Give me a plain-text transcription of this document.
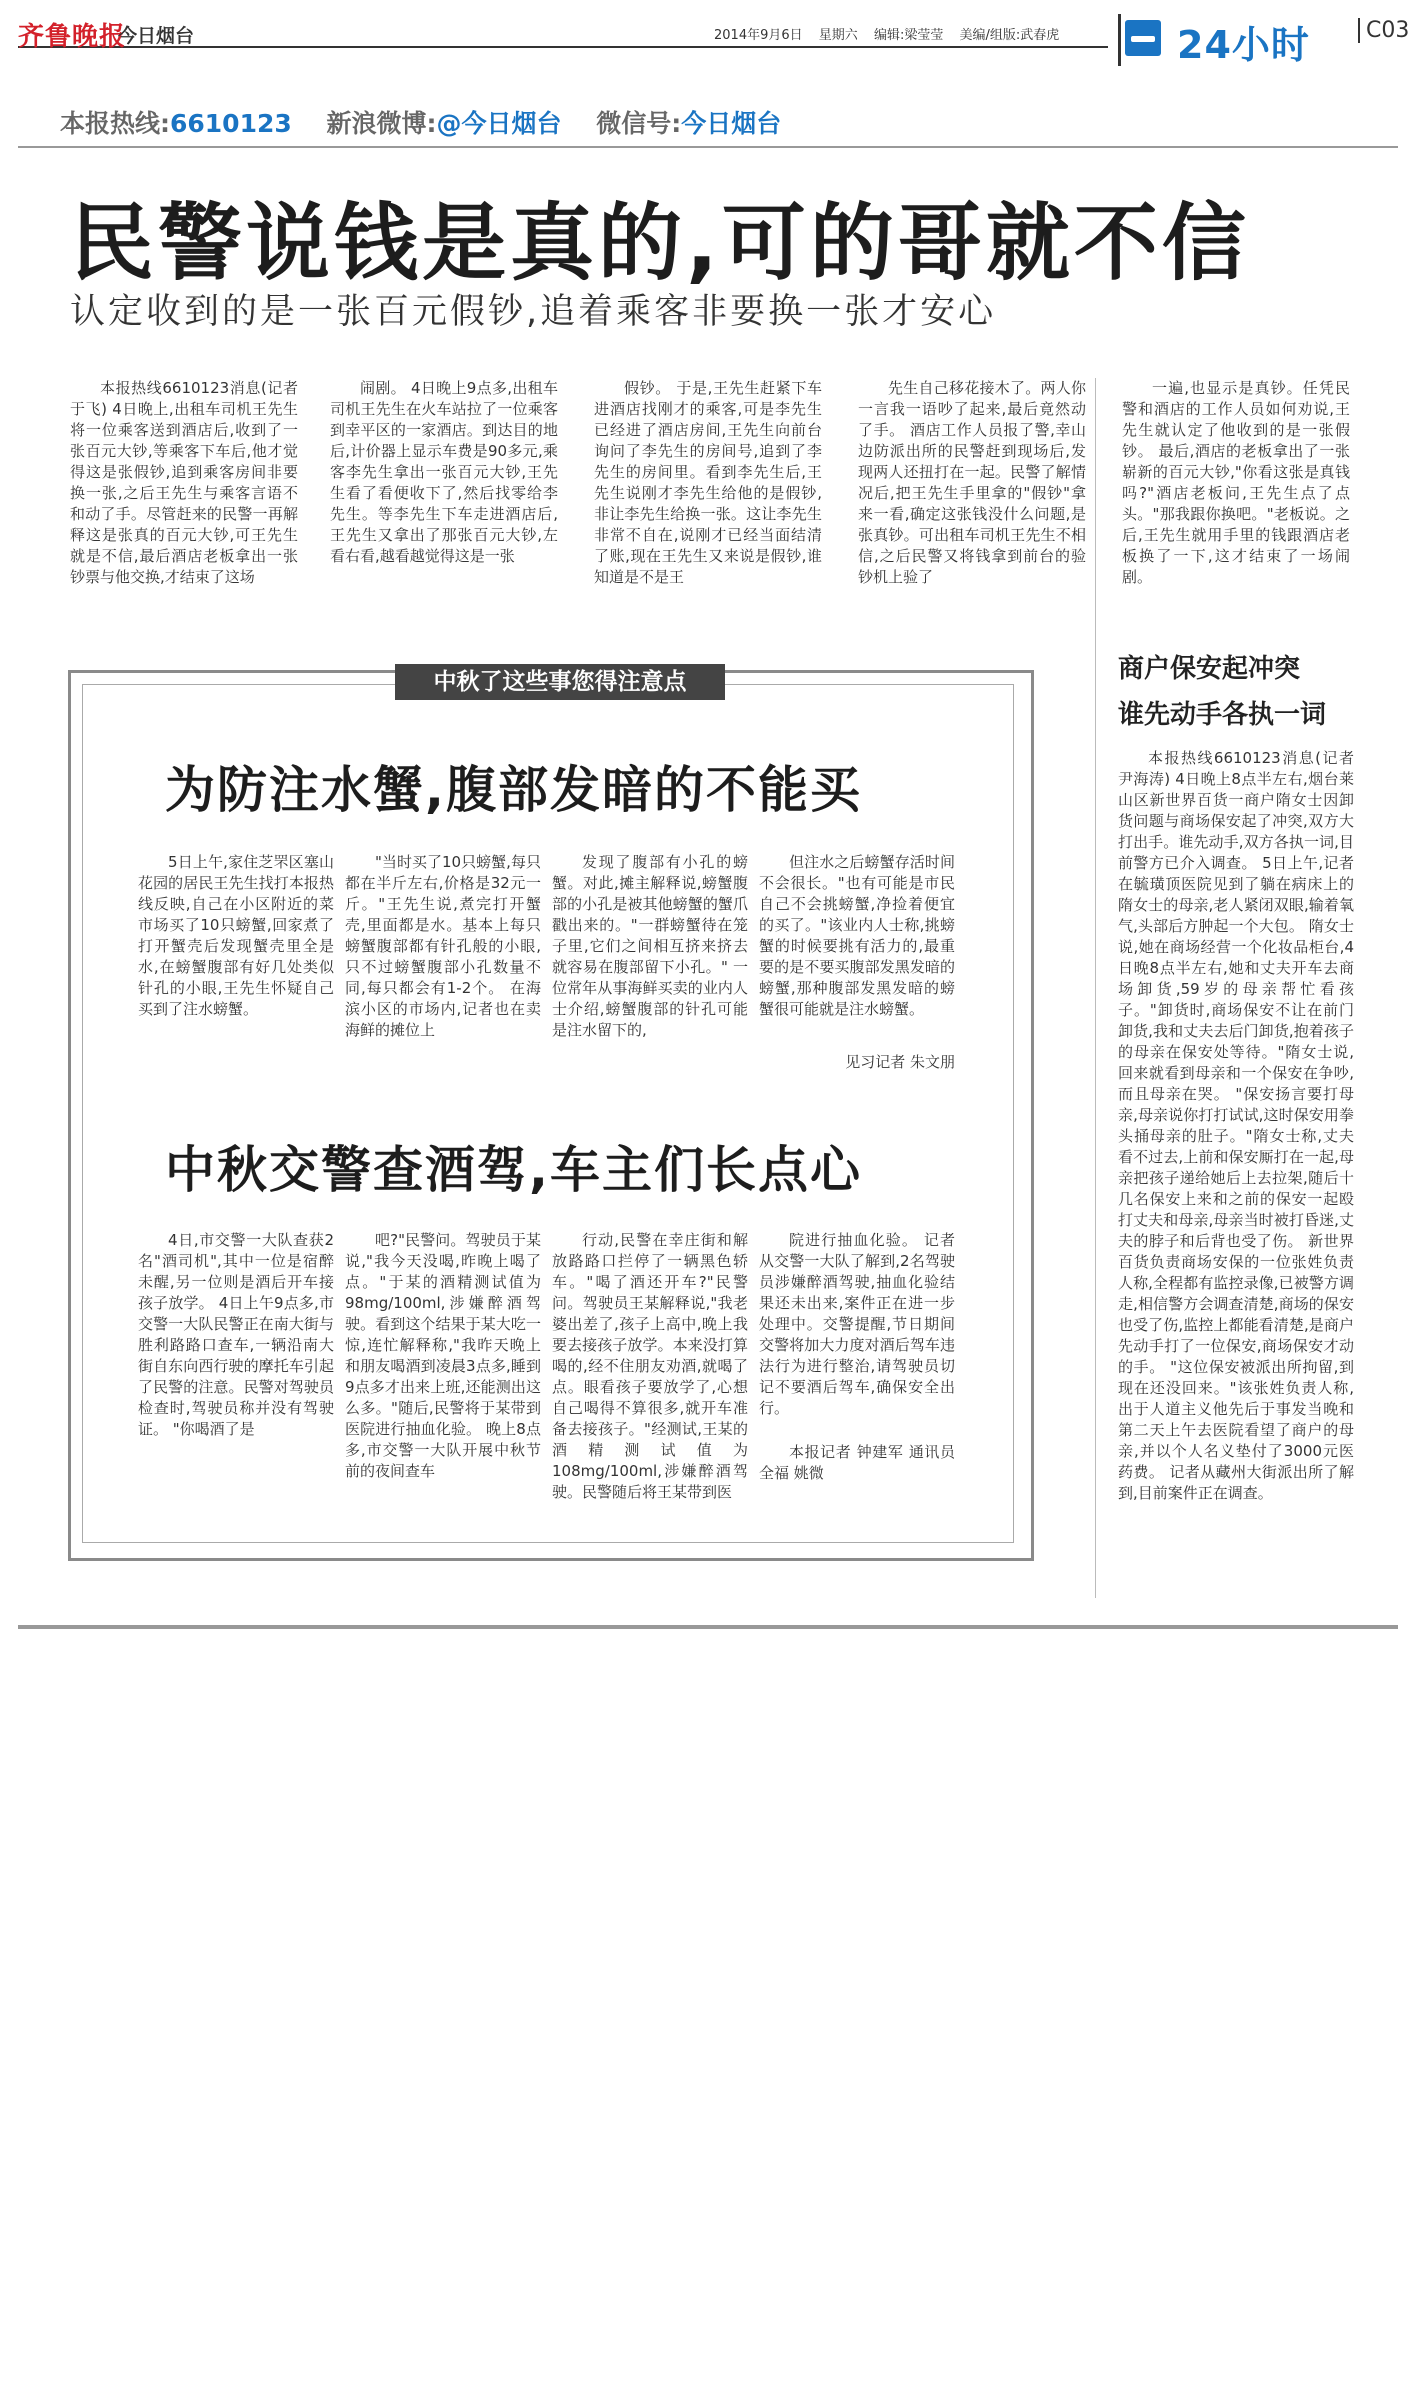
齐鲁晚报
今日烟台	2014年9月6日 星期六 编辑:梁莹莹 美编/组版:武春虎	24小时	C03
本报热线:6610123 新浪微博:@今日烟台 微信号:今日烟台
民警说钱是真的,可的哥就不信
认定收到的是一张百元假钞,追着乘客非要换一张才安心

本报热线6610123消息(记者 于飞) 4日晚上,出租车司机王先生将一位乘客送到酒店后,收到了一张百元大钞,等乘客下车后,他才觉得这是张假钞,追到乘客房间非要换一张,之后王先生与乘客言语不和动了手。尽管赶来的民警一再解释这是张真的百元大钞,可王先生就是不信,最后酒店老板拿出一张钞票与他交换,才结束了这场

闹剧。 4日晚上9点多,出租车司机王先生在火车站拉了一位乘客到幸平区的一家酒店。到达目的地后,计价器上显示车费是90多元,乘客李先生拿出一张百元大钞,王先生看了看便收下了,然后找零给李先生。等李先生下车走进酒店后,王先生又拿出了那张百元大钞,左看右看,越看越觉得这是一张

假钞。 于是,王先生赶紧下车进酒店找刚才的乘客,可是李先生已经进了酒店房间,王先生向前台询问了李先生的房间号,追到了李先生的房间里。看到李先生后,王先生说刚才李先生给他的是假钞,非让李先生给换一张。这让李先生非常不自在,说刚才已经当面结清了账,现在王先生又来说是假钞,谁知道是不是王

先生自己移花接木了。两人你一言我一语吵了起来,最后竟然动了手。 酒店工作人员报了警,幸山边防派出所的民警赶到现场后,发现两人还扭打在一起。民警了解情况后,把王先生手里拿的"假钞"拿来一看,确定这张钱没什么问题,是张真钞。可出租车司机王先生不相信,之后民警又将钱拿到前台的验钞机上验了

一遍,也显示是真钞。任凭民警和酒店的工作人员如何劝说,王先生就认定了他收到的是一张假钞。 最后,酒店的老板拿出了一张崭新的百元大钞,"你看这张是真钱吗?"酒店老板问,王先生点了点头。"那我跟你换吧。"老板说。之后,王先生就用手里的钱跟酒店老板换了一下,这才结束了一场闹剧。

中秋了这些事您得注意点
为防注水蟹,腹部发暗的不能买

5日上午,家住芝罘区塞山花园的居民王先生找打本报热线反映,自己在小区附近的菜市场买了10只螃蟹,回家煮了打开蟹壳后发现蟹壳里全是水,在螃蟹腹部有好几处类似针孔的小眼,王先生怀疑自己买到了注水螃蟹。

"当时买了10只螃蟹,每只都在半斤左右,价格是32元一斤。"王先生说,煮完打开蟹壳,里面都是水。基本上每只螃蟹腹部都有针孔般的小眼,只不过螃蟹腹部小孔数量不同,每只都会有1-2个。 在海滨小区的市场内,记者也在卖海鲜的摊位上

发现了腹部有小孔的螃蟹。对此,摊主解释说,螃蟹腹部的小孔是被其他螃蟹的蟹爪戳出来的。"一群螃蟹待在笼子里,它们之间相互挤来挤去就容易在腹部留下小孔。" 一位常年从事海鲜买卖的业内人士介绍,螃蟹腹部的针孔可能是注水留下的,

但注水之后螃蟹存活时间不会很长。"也有可能是市民自己不会挑螃蟹,净捡着便宜的买了。"该业内人士称,挑螃蟹的时候要挑有活力的,最重要的是不要买腹部发黑发暗的螃蟹,那种腹部发黑发暗的螃蟹很可能就是注水螃蟹。

见习记者 朱文朋
中秋交警查酒驾,车主们长点心

4日,市交警一大队查获2名"酒司机",其中一位是宿醉未醒,另一位则是酒后开车接孩子放学。 4日上午9点多,市交警一大队民警正在南大街与胜利路路口查车,一辆沿南大街自东向西行驶的摩托车引起了民警的注意。民警对驾驶员检查时,驾驶员称并没有驾驶证。 "你喝酒了是

吧?"民警问。驾驶员于某说,"我今天没喝,昨晚上喝了点。"于某的酒精测试值为98mg/100ml,涉嫌醉酒驾驶。看到这个结果于某大吃一惊,连忙解释称,"我昨天晚上和朋友喝酒到凌晨3点多,睡到9点多才出来上班,还能测出这么多。"随后,民警将于某带到医院进行抽血化验。 晚上8点多,市交警一大队开展中秋节前的夜间查车

行动,民警在幸庄街和解放路路口拦停了一辆黑色轿车。"喝了酒还开车?"民警问。驾驶员王某解释说,"我老婆出差了,孩子上高中,晚上我要去接孩子放学。本来没打算喝的,经不住朋友劝酒,就喝了点。眼看孩子要放学了,心想自己喝得不算很多,就开车准备去接孩子。"经测试,王某的酒精测试值为108mg/100ml,涉嫌醉酒驾驶。民警随后将王某带到医

院进行抽血化验。 记者从交警一大队了解到,2名驾驶员涉嫌醉酒驾驶,抽血化验结果还未出来,案件正在进一步处理中。交警提醒,节日期间交警将加大力度对酒后驾车违法行为进行整治,请驾驶员切记不要酒后驾车,确保安全出行。

本报记者 钟建军 通讯员 全福 姚微

商户保安起冲突
谁先动手各执一词

本报热线6610123消息(记者 尹海涛) 4日晚上8点半左右,烟台莱山区新世界百货一商户隋女士因卸货问题与商场保安起了冲突,双方大打出手。谁先动手,双方各执一词,目前警方已介入调查。 5日上午,记者在毓璜顶医院见到了躺在病床上的隋女士的母亲,老人紧闭双眼,输着氧气,头部后方肿起一个大包。 隋女士说,她在商场经营一个化妆品柜台,4日晚8点半左右,她和丈夫开车去商场卸货,59岁的母亲帮忙看孩子。"卸货时,商场保安不让在前门卸货,我和丈夫去后门卸货,抱着孩子的母亲在保安处等待。"隋女士说,回来就看到母亲和一个保安在争吵,而且母亲在哭。 "保安扬言要打母亲,母亲说你打打试试,这时保安用拳头捅母亲的肚子。"隋女士称,丈夫看不过去,上前和保安厮打在一起,母亲把孩子递给她后上去拉架,随后十几名保安上来和之前的保安一起殴打丈夫和母亲,母亲当时被打昏迷,丈夫的脖子和后背也受了伤。 新世界百货负责商场安保的一位张姓负责人称,全程都有监控录像,已被警方调走,相信警方会调查清楚,商场的保安也受了伤,监控上都能看清楚,是商户先动手打了一位保安,商场保安才动的手。 "这位保安被派出所拘留,到现在还没回来。"该张姓负责人称,出于人道主义他先后于事发当晚和第二天上午去医院看望了商户的母亲,并以个人名义垫付了3000元医药费。 记者从藏州大街派出所了解到,目前案件正在调查。
